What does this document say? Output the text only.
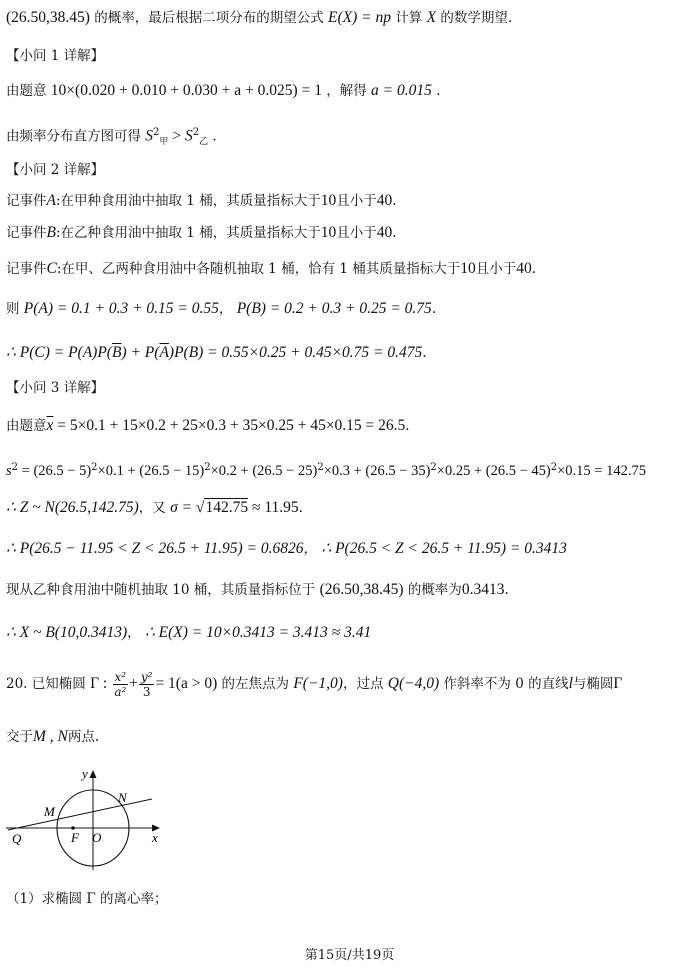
(26.50,38.45) 的概率，最后根据二项分布的期望公式 E(X) = np 计算 X 的数学期望.
【小问 1 详解】
由题意 10×(0.020 + 0.010 + 0.030 + a + 0.025) = 1 ，解得 a = 0.015 .
由频率分布直方图可得 $S^2_甲 > S^2_乙$ .
【小问 2 详解】
记事件A:在甲种食用油中抽取 1 桶，其质量指标大于10且小于40.
记事件B:在乙种食用油中抽取 1 桶，其质量指标大于10且小于40.
记事件C:在甲、乙两种食用油中各随机抽取 1 桶，恰有 1 桶其质量指标大于10且小于40.
则 P(A) = 0.1 + 0.3 + 0.15 = 0.55， P(B) = 0.2 + 0.3 + 0.25 = 0.75.
∴ $P(C) = P(A)P(\overline{B}) + P(\overline{A})P(B) = 0.55\times 0.25 + 0.45\times 0.75 = 0.475$.
【小问 3 详解】
由题意$\overline{x} = 5\times 0.1 + 15\times 0.2 + 25\times 0.3 + 35\times 0.25 + 45\times 0.15 = 26.5$.
$s^2 = (26.5 - 5)^2\times 0.1 + (26.5 - 15)^2\times 0.2 + (26.5 - 25)^2\times 0.3 + (26.5 - 35)^2\times 0.25 + (26.5 - 45)^2\times 0.15 = 142.75$
∴ Z ~ N(26.5,142.75)，又 σ = √142.75 ≈ 11.95.
∴ P(26.5 − 11.95 < Z < 26.5 + 11.95) = 0.6826， ∴ P(26.5 < Z < 26.5 + 11.95) = 0.3413
现从乙种食用油中随机抽取 10 桶，其质量指标位于 (26.50,38.45) 的概率为0.3413.
∴ X ~ B(10,0.3413)， ∴ E(X) = 10×0.3413 = 3.413 ≈ 3.41
20. 已知椭圆 Γ : $\frac{\text{x²}}{\text{a²}} + \frac{\text{y²}}{3} = 1(a > 0)$ 的左焦点为 F(−1,0)，过点 Q(−4,0) 作斜率不为 0 的直线l与椭圆Γ
交于M , N两点.
y
x
M
N
Q	F O
（1）求椭圆 Γ 的离心率；
第15页/共19页
